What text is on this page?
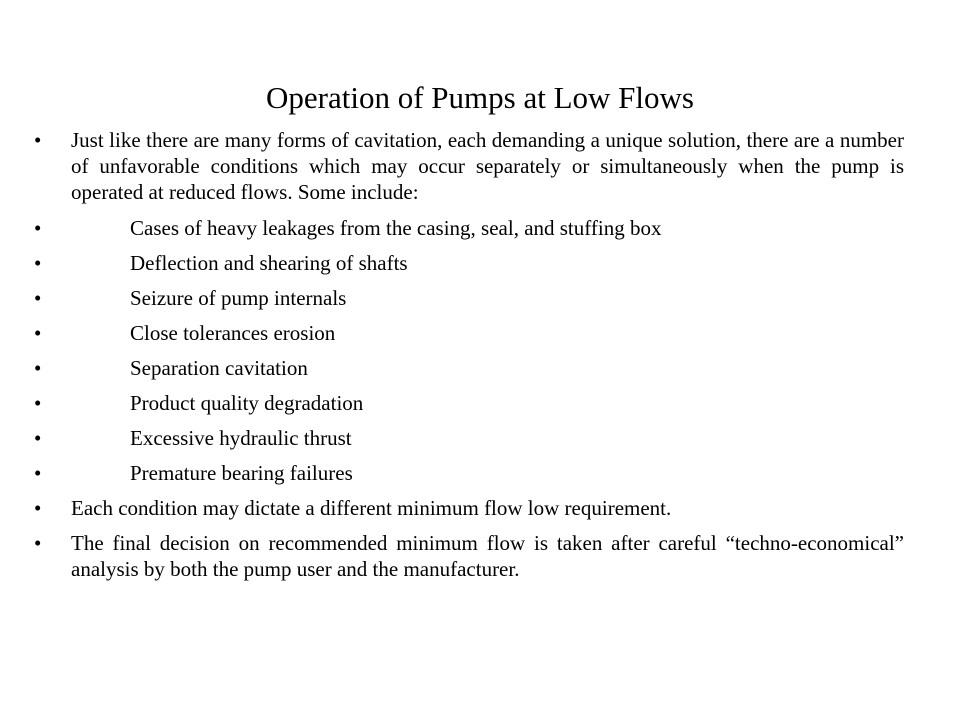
Operation of Pumps at Low Flows
•	Just like there are many forms of cavitation, each demanding a unique solution, there are a number of unfavorable conditions which may occur separately or simultaneously when the pump is operated at reduced flows. Some include:
•	Cases of heavy leakages from the casing, seal, and stuffing box
•	Deflection and shearing of shafts
•	Seizure of pump internals
•	Close tolerances erosion
•	Separation cavitation
•	Product quality degradation
•	Excessive hydraulic thrust
•	Premature bearing failures
•	Each condition may dictate a different minimum flow low requirement.
•	The final decision on recommended minimum flow is taken after careful “techno-economical” analysis by both the pump user and the manufacturer.
